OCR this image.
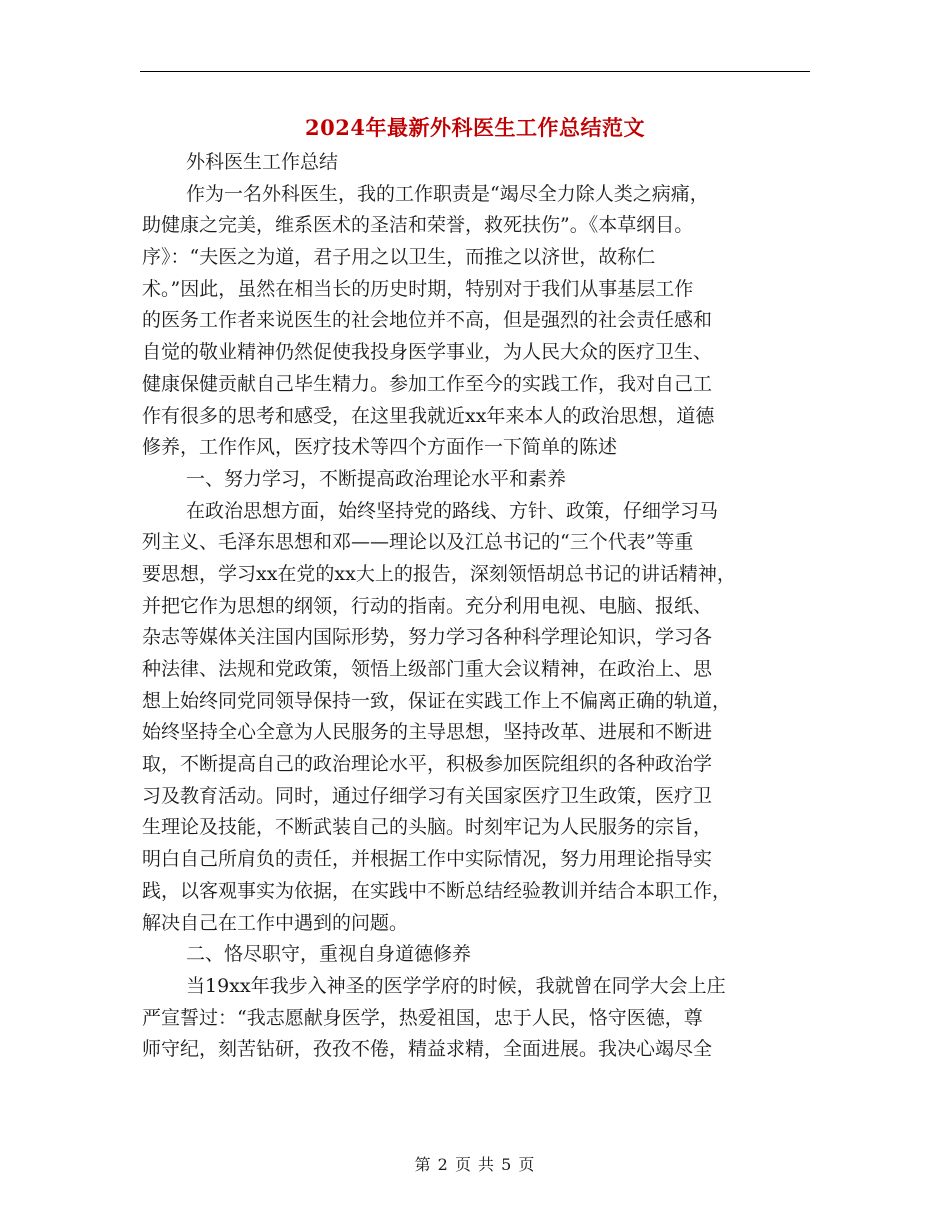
2024年最新外科医生工作总结范文
外科医生工作总结
作为一名外科医生，我的工作职责是“竭尽全力除人类之病痛，
助健康之完美，维系医术的圣洁和荣誉，救死扶伤”。《本草纲目。
序》：“夫医之为道，君子用之以卫生，而推之以济世，故称仁
术。”因此，虽然在相当长的历史时期，特别对于我们从事基层工作
的医务工作者来说医生的社会地位并不高，但是强烈的社会责任感和
自觉的敬业精神仍然促使我投身医学事业，为人民大众的医疗卫生、
健康保健贡献自己毕生精力。参加工作至今的实践工作，我对自己工
作有很多的思考和感受，在这里我就近xx年来本人的政治思想，道德
修养，工作作风，医疗技术等四个方面作一下简单的陈述
一、努力学习，不断提高政治理论水平和素养
在政治思想方面，始终坚持党的路线、方针、政策，仔细学习马
列主义、毛泽东思想和邓——理论以及江总书记的“三个代表”等重
要思想，学习xx在党的xx大上的报告，深刻领悟胡总书记的讲话精神，
并把它作为思想的纲领，行动的指南。充分利用电视、电脑、报纸、
杂志等媒体关注国内国际形势，努力学习各种科学理论知识，学习各
种法律、法规和党政策，领悟上级部门重大会议精神，在政治上、思
想上始终同党同领导保持一致，保证在实践工作上不偏离正确的轨道，
始终坚持全心全意为人民服务的主导思想，坚持改革、进展和不断进
取，不断提高自己的政治理论水平，积极参加医院组织的各种政治学
习及教育活动。同时，通过仔细学习有关国家医疗卫生政策，医疗卫
生理论及技能，不断武装自己的头脑。时刻牢记为人民服务的宗旨，
明白自己所肩负的责任，并根据工作中实际情况，努力用理论指导实
践，以客观事实为依据，在实践中不断总结经验教训并结合本职工作，
解决自己在工作中遇到的问题。
二、恪尽职守，重视自身道德修养
当19xx年我步入神圣的医学学府的时候，我就曾在同学大会上庄
严宣誓过：“我志愿献身医学，热爱祖国，忠于人民，恪守医德，尊
师守纪，刻苦钻研，孜孜不倦，精益求精，全面进展。我决心竭尽全
第 2 页 共 5 页
